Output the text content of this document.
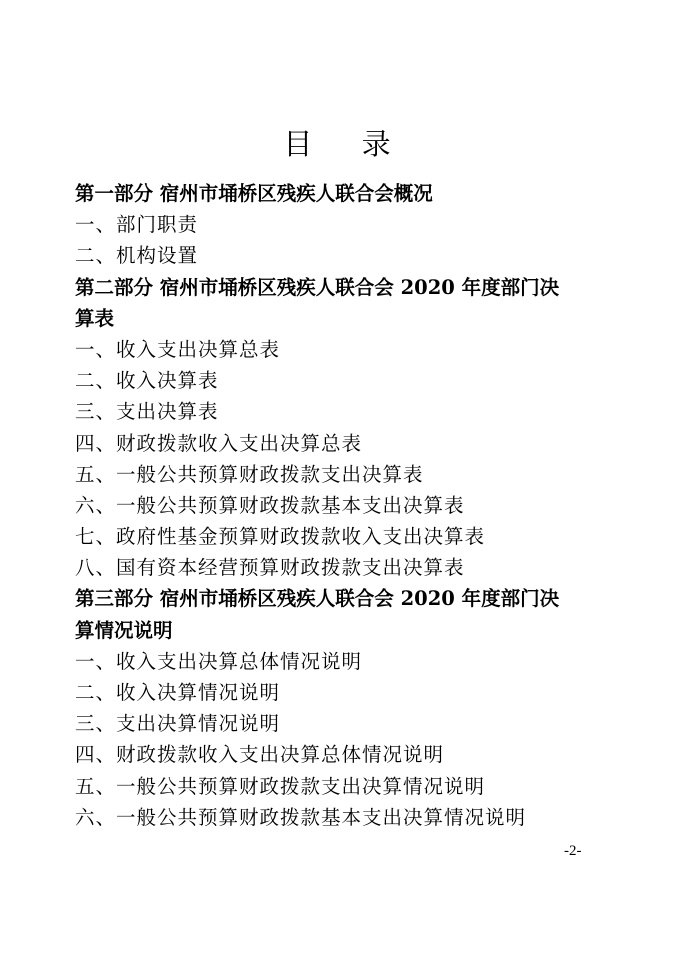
目 录
第一部分 宿州市埇桥区残疾人联合会概况
一、部门职责
二、机构设置
第二部分 宿州市埇桥区残疾人联合会 2020 年度部门决
算表
一、收入支出决算总表
二、收入决算表
三、支出决算表
四、财政拨款收入支出决算总表
五、一般公共预算财政拨款支出决算表
六、一般公共预算财政拨款基本支出决算表
七、政府性基金预算财政拨款收入支出决算表
八、国有资本经营预算财政拨款支出决算表
第三部分 宿州市埇桥区残疾人联合会 2020 年度部门决
算情况说明
一、收入支出决算总体情况说明
二、收入决算情况说明
三、支出决算情况说明
四、财政拨款收入支出决算总体情况说明
五、一般公共预算财政拨款支出决算情况说明
六、一般公共预算财政拨款基本支出决算情况说明
-2-
